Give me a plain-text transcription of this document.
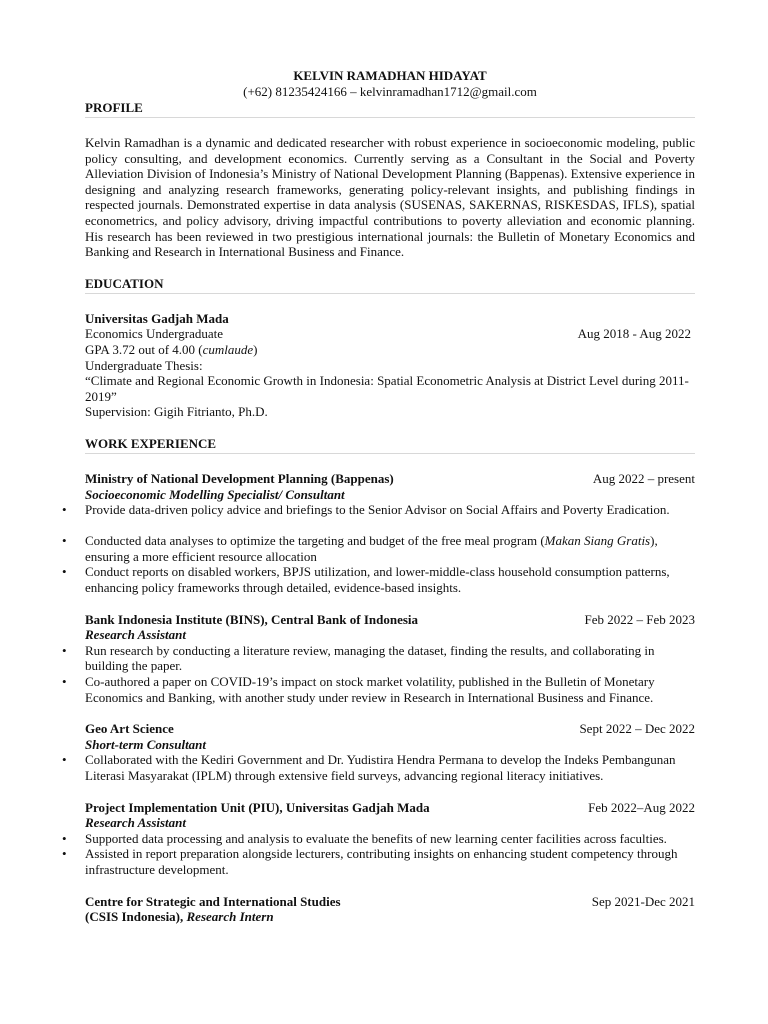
KELVIN RAMADHAN HIDAYAT
(+62) 81235424166 – kelvinramadhan1712@gmail.com
PROFILE
Kelvin Ramadhan is a dynamic and dedicated researcher with robust experience in socioeconomic modeling, public policy consulting, and development economics. Currently serving as a Consultant in the Social and Poverty Alleviation Division of Indonesia’s Ministry of National Development Planning (Bappenas). Extensive experience in designing and analyzing research frameworks, generating policy-relevant insights, and publishing findings in respected journals. Demonstrated expertise in data analysis (SUSENAS, SAKERNAS, RISKESDAS, IFLS), spatial econometrics, and policy advisory, driving impactful contributions to poverty alleviation and economic planning. His research has been reviewed in two prestigious international journals: the Bulletin of Monetary Economics and Banking and Research in International Business and Finance.
EDUCATION
Universitas Gadjah Mada
Economics Undergraduate	Aug 2018 - Aug 2022
GPA 3.72 out of 4.00 (cumlaude)
Undergraduate Thesis:
“Climate and Regional Economic Growth in Indonesia: Spatial Econometric Analysis at District Level during 2011-2019”
Supervision: Gigih Fitrianto, Ph.D.
WORK EXPERIENCE
Ministry of National Development Planning (Bappenas)	Aug 2022 – present
Socioeconomic Modelling Specialist/ Consultant
• Provide data-driven policy advice and briefings to the Senior Advisor on Social Affairs and Poverty Eradication.
• Conducted data analyses to optimize the targeting and budget of the free meal program (Makan Siang Gratis), ensuring a more efficient resource allocation
• Conduct reports on disabled workers, BPJS utilization, and lower-middle-class household consumption patterns, enhancing policy frameworks through detailed, evidence-based insights.
Bank Indonesia Institute (BINS), Central Bank of Indonesia	Feb 2022 – Feb 2023
Research Assistant
• Run research by conducting a literature review, managing the dataset, finding the results, and collaborating in building the paper.
• Co-authored a paper on COVID-19’s impact on stock market volatility, published in the Bulletin of Monetary Economics and Banking, with another study under review in Research in International Business and Finance.
Geo Art Science	Sept 2022 – Dec 2022
Short-term Consultant
• Collaborated with the Kediri Government and Dr. Yudistira Hendra Permana to develop the Indeks Pembangunan Literasi Masyarakat (IPLM) through extensive field surveys, advancing regional literacy initiatives.
Project Implementation Unit (PIU), Universitas Gadjah Mada	Feb 2022–Aug 2022
Research Assistant
• Supported data processing and analysis to evaluate the benefits of new learning center facilities across faculties.
• Assisted in report preparation alongside lecturers, contributing insights on enhancing student competency through infrastructure development.
Centre for Strategic and International Studies	Sep 2021-Dec 2021
(CSIS Indonesia), Research Intern
